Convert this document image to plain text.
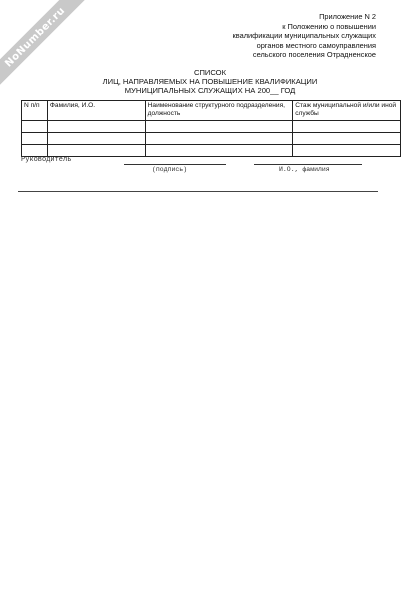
NoNumber.ru	Приложение N 2
к Положению о повышении
квалификации муниципальных служащих
органов местного самоуправления
сельского поселения Отрадненское
СПИСОК
ЛИЦ, НАПРАВЛЯЕМЫХ НА ПОВЫШЕНИЕ КВАЛИФИКАЦИИ
МУНИЦИПАЛЬНЫХ СЛУЖАЩИХ НА 200__ ГОД
N п/п	Фамилия, И.О.	Наименование структурного подразделения, должность	Стаж муниципальной и/или иной службы

Руководитель
(подпись)	И.О., фамилия
